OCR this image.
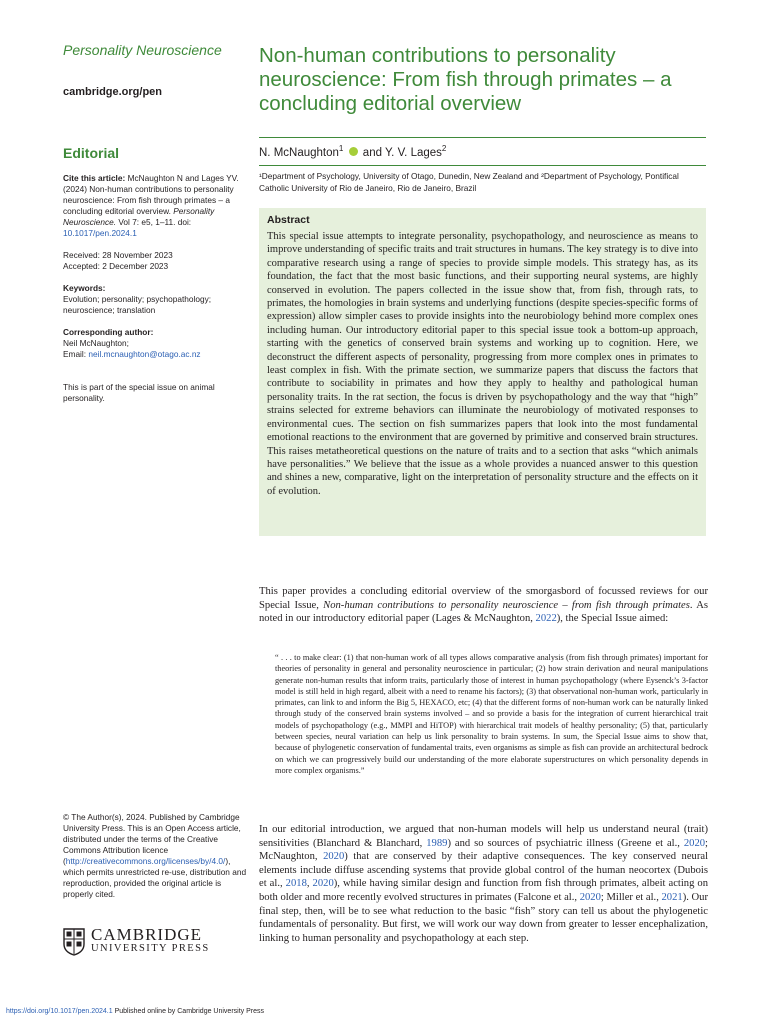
Personality Neuroscience
cambridge.org/pen
Non-human contributions to personality neuroscience: From fish through primates – a concluding editorial overview
Editorial
Cite this article: McNaughton N and Lages YV. (2024) Non-human contributions to personality neuroscience: From fish through primates – a concluding editorial overview. Personality Neuroscience. Vol 7: e5, 1–11. doi: 10.1017/pen.2024.1
Received: 28 November 2023
Accepted: 2 December 2023
Keywords:
Evolution; personality; psychopathology; neuroscience; translation
Corresponding author:
Neil McNaughton;
Email: neil.mcnaughton@otago.ac.nz
This is part of the special issue on animal personality.
N. McNaughton$^1$ and Y. V. Lages$^2$
¹Department of Psychology, University of Otago, Dunedin, New Zealand and ²Department of Psychology, Pontifical Catholic University of Rio de Janeiro, Rio de Janeiro, Brazil
Abstract
This special issue attempts to integrate personality, psychopathology, and neuroscience as means to improve understanding of specific traits and trait structures in humans. The key strategy is to dive into comparative research using a range of species to provide simple models. This strategy has, as its foundation, the fact that the most basic functions, and their supporting neural systems, are highly conserved in evolution. The papers collected in the issue show that, from fish, through rats, to primates, the homologies in brain systems and underlying functions (despite species-specific forms of expression) allow simpler cases to provide insights into the neurobiology behind more complex ones including human. Our introductory editorial paper to this special issue took a bottom-up approach, starting with the genetics of conserved brain systems and working up to cognition. Here, we deconstruct the different aspects of personality, progressing from more complex ones in primates to least complex in fish. With the primate section, we summarize papers that discuss the factors that contribute to sociability in primates and how they apply to healthy and pathological human personality traits. In the rat section, the focus is driven by psychopathology and the way that “high” strains selected for extreme behaviors can illuminate the neurobiology of motivated responses to environmental cues. The section on fish summarizes papers that look into the most fundamental emotional reactions to the environment that are governed by primitive and conserved brain structures. This raises metatheoretical questions on the nature of traits and to a section that asks “which animals have personalities.” We believe that the issue as a whole provides a nuanced answer to this question and shines a new, comparative, light on the interpretation of personality structure and the effects on it of evolution.

This paper provides a concluding editorial overview of the smorgasbord of focussed reviews for our Special Issue, Non-human contributions to personality neuroscience – from fish through primates. As noted in our introductory editorial paper (Lages & McNaughton, 2022), the Special Issue aimed:

“ . . . to make clear: (1) that non-human work of all types allows comparative analysis (from fish through primates) important for theories of personality in general and personality neuroscience in particular; (2) how strain derivation and neural manipulations generate non-human results that inform traits, particularly those of interest in human psychopathology (where Eysenck’s 3-factor model is still held in high regard, albeit with a need to rename his factors); (3) that observational non-human work, particularly in primates, can link to and inform the Big 5, HEXACO, etc; (4) that the different forms of non-human work can be naturally linked through study of the conserved brain systems involved – and so provide a basis for the integration of current hierarchical trait models of psychopathology (e.g., MMPI and HiTOP) with hierarchical trait models of healthy personality; (5) that, particularly between species, neural variation can help us link personality to brain systems. In sum, the Special Issue aims to show that, because of phylogenetic conservation of fundamental traits, even organisms as simple as fish can provide an architectural bedrock on which we can progressively build our understanding of the more elaborate superstructures on which personality depends in more complex organisms.”

In our editorial introduction, we argued that non-human models will help us understand neural (trait) sensitivities (Blanchard & Blanchard, 1989) and so sources of psychiatric illness (Greene et al., 2020; McNaughton, 2020) that are conserved by their adaptive consequences. The key conserved neural elements include diffuse ascending systems that provide global control of the human neocortex (Dubois et al., 2018, 2020), while having similar design and function from fish through primates, albeit acting on both older and more recently evolved structures in primates (Falcone et al., 2020; Miller et al., 2021). Our final step, then, will be to see what reduction to the basic “fish” story can tell us about the phylogenetic fundamentals of personality. But first, we will work our way down from greater to lesser encephalization, linking to human personality and psychopathology at each step.

© The Author(s), 2024. Published by Cambridge University Press. This is an Open Access article, distributed under the terms of the Creative Commons Attribution licence (http://creativecommons.org/licenses/by/4.0/), which permits unrestricted re-use, distribution and reproduction, provided the original article is properly cited.
CAMBRIDGE
UNIVERSITY PRESS
https://doi.org/10.1017/pen.2024.1 Published online by Cambridge University Press
